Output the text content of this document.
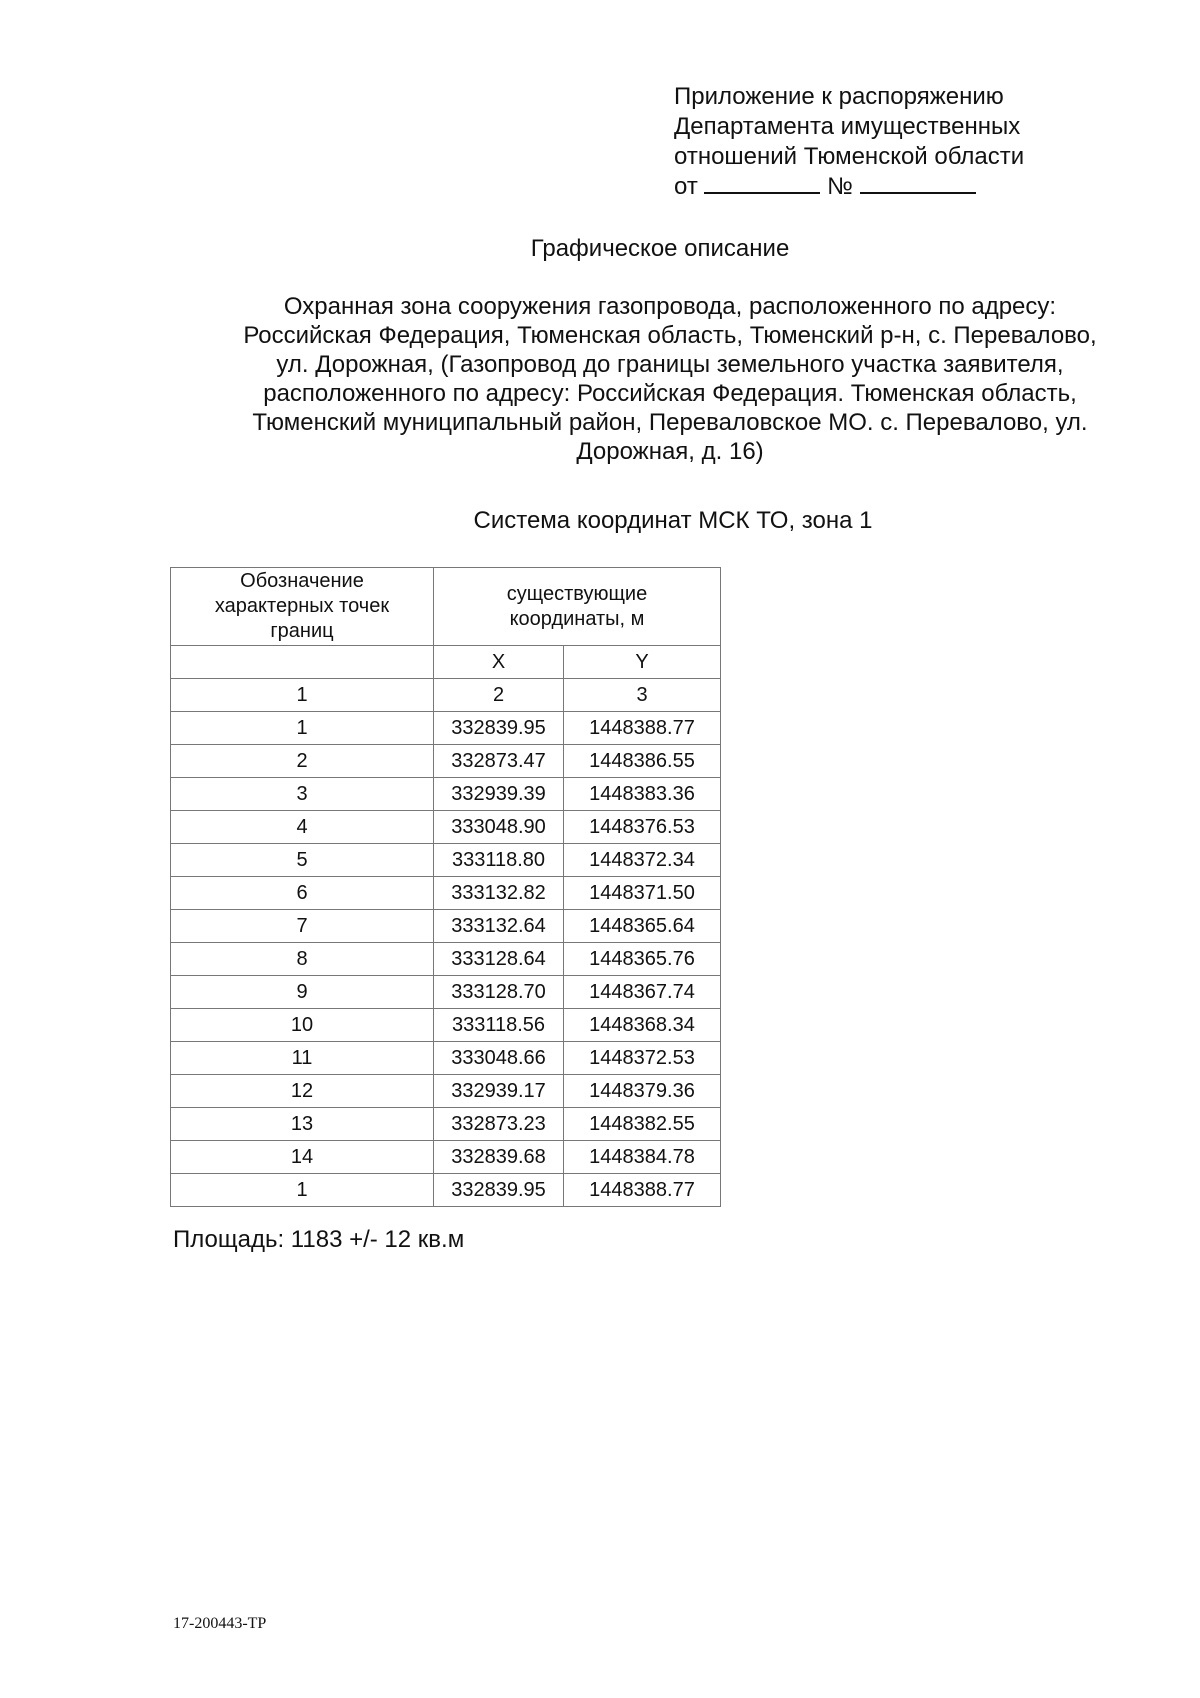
Приложение к распоряжению
Департамента имущественных
отношений Тюменской области
от	№
Графическое описание
Охранная зона сооружения газопровода, расположенного по адресу:
Российская Федерация, Тюменская область, Тюменский р-н, с. Перевалово,
ул. Дорожная, (Газопровод до границы земельного участка заявителя,
расположенного по адресу: Российская Федерация. Тюменская область,
Тюменский муниципальный район, Переваловское МО. с. Перевалово, ул.
Дорожная, д. 16)
Система координат МСК ТО, зона 1
Обозначение
характерных точек
границ	существующие
координаты, м	

	X	Y
1	2	3
1	332839.95	1448388.77
2	332873.47	1448386.55
3	332939.39	1448383.36
4	333048.90	1448376.53
5	333118.80	1448372.34
6	333132.82	1448371.50
7	333132.64	1448365.64
8	333128.64	1448365.76
9	333128.70	1448367.74
10	333118.56	1448368.34
11	333048.66	1448372.53
12	332939.17	1448379.36
13	332873.23	1448382.55
14	332839.68	1448384.78
1	332839.95	1448388.77
Площадь: 1183 +/- 12 кв.м
17-200443-ТР
